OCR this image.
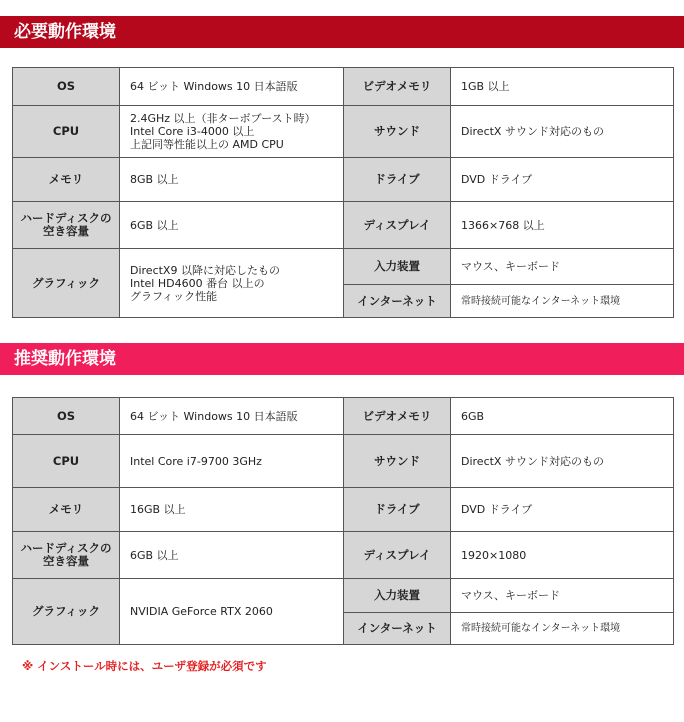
必要動作環境
OS	64 ビット Windows 10 日本語版	ビデオメモリ	1GB 以上
CPU	2.4GHz 以上（非ターボブースト時）
Intel Core i3-4000 以上
上記同等性能以上の AMD CPU	サウンド	DirectX サウンド対応のもの
メモリ	8GB 以上	ドライブ	DVD ドライブ
ハードディスクの 空き容量	6GB 以上	ディスプレイ	1366×768 以上
グラフィック	DirectX9 以降に対応したもの
Intel HD4600 番台 以上の
グラフィック性能	入力装置	マウス、キーボード
		インターネット	常時接続可能なインターネット環境
推奨動作環境
OS	64 ビット Windows 10 日本語版	ビデオメモリ	6GB
CPU	Intel Core i7-9700 3GHz	サウンド	DirectX サウンド対応のもの
メモリ	16GB 以上	ドライブ	DVD ドライブ
ハードディスクの 空き容量	6GB 以上	ディスプレイ	1920×1080
グラフィック	NVIDIA GeForce RTX 2060	入力装置	マウス、キーボード
		インターネット	常時接続可能なインターネット環境
※ インストール時には、ユーザ登録が必須です
